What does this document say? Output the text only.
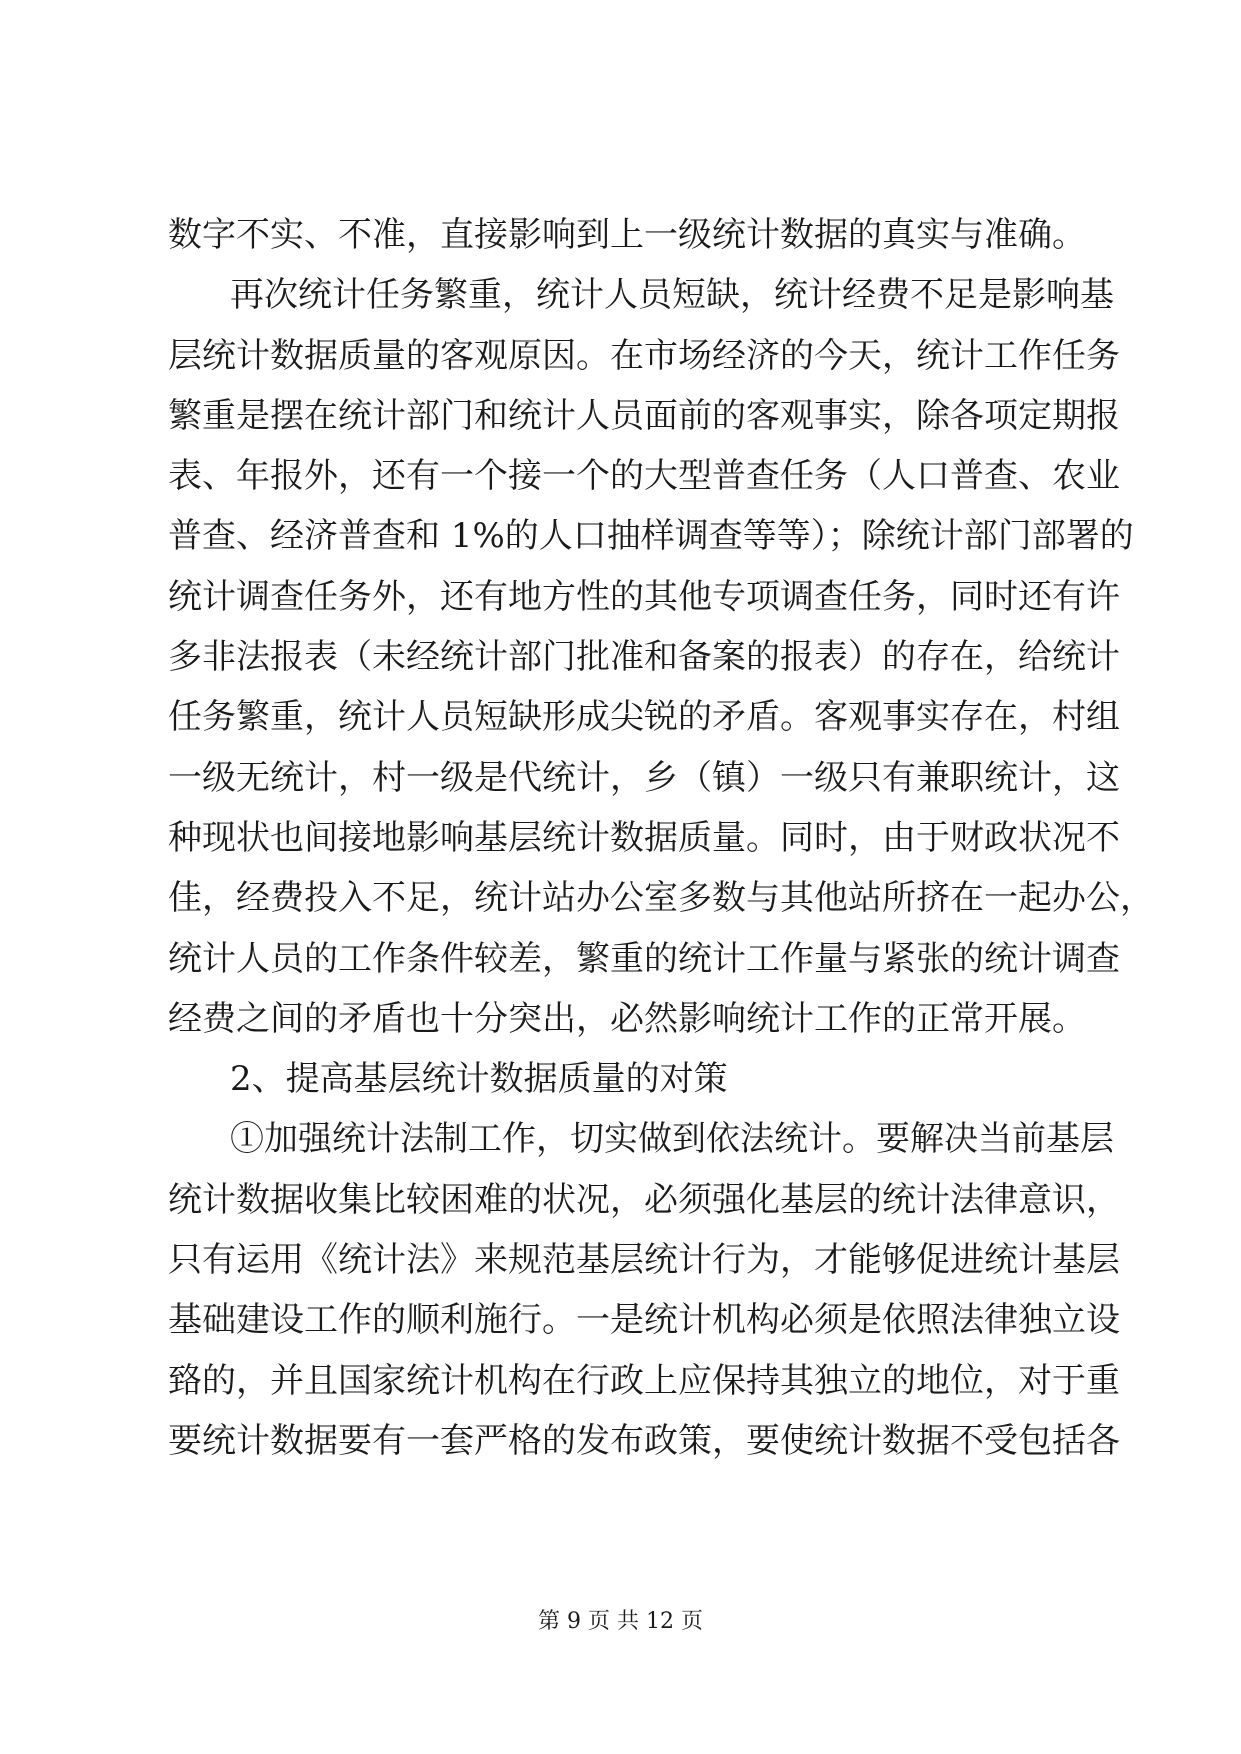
数字不实、不准，直接影响到上一级统计数据的真实与准确。
再次统计任务繁重，统计人员短缺，统计经费不足是影响基
层统计数据质量的客观原因。在市场经济的今天，统计工作任务
繁重是摆在统计部门和统计人员面前的客观事实，除各项定期报
表、年报外，还有一个接一个的大型普查任务（人口普查、农业
普查、经济普查和 1%的人口抽样调查等等）；除统计部门部署的
统计调查任务外，还有地方性的其他专项调查任务，同时还有许
多非法报表（未经统计部门批准和备案的报表）的存在，给统计
任务繁重，统计人员短缺形成尖锐的矛盾。客观事实存在，村组
一级无统计，村一级是代统计，乡（镇）一级只有兼职统计，这
种现状也间接地影响基层统计数据质量。同时，由于财政状况不
佳，经费投入不足，统计站办公室多数与其他站所挤在一起办公，
统计人员的工作条件较差，繁重的统计工作量与紧张的统计调查
经费之间的矛盾也十分突出，必然影响统计工作的正常开展。
2、提高基层统计数据质量的对策
①加强统计法制工作，切实做到依法统计。要解决当前基层
统计数据收集比较困难的状况，必须强化基层的统计法律意识，
只有运用《统计法》来规范基层统计行为，才能够促进统计基层
基础建设工作的顺利施行。一是统计机构必须是依照法律独立设
臵的，并且国家统计机构在行政上应保持其独立的地位，对于重
要统计数据要有一套严格的发布政策，要使统计数据不受包括各
第 9 页 共 12 页
